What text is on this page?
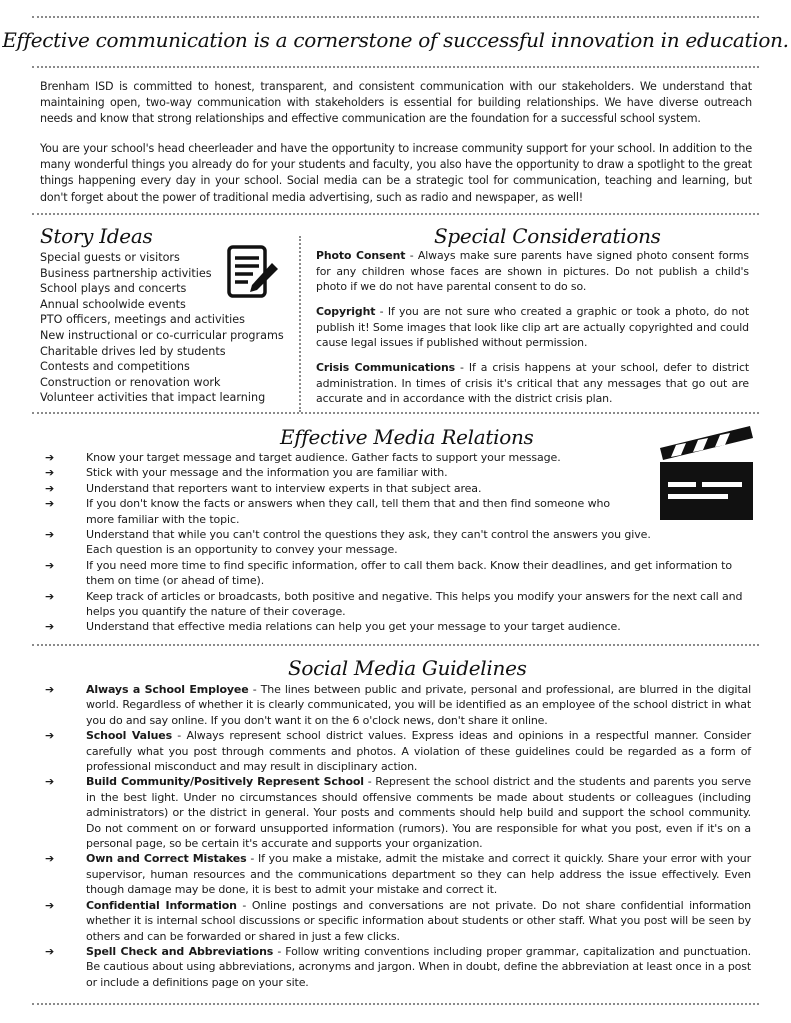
Effective communication is a cornerstone of successful innovation in education.

Brenham ISD is committed to honest, transparent, and consistent communication with our stakeholders. We understand that maintaining open, two-way communication with stakeholders is essential for building relationships. We have diverse outreach needs and know that strong relationships and effective communication are the foundation for a successful school system.

You are your school's head cheerleader and have the opportunity to increase community support for your school. In addition to the many wonderful things you already do for your students and faculty, you also have the opportunity to draw a spotlight to the great things happening every day in your school. Social media can be a strategic tool for communication, teaching and learning, but don't forget about the power of traditional media advertising, such as radio and newspaper, as well!

Story Ideas
Special guests or visitors
Business partnership activities
School plays and concerts
Annual schoolwide events
PTO officers, meetings and activities
New instructional or co-curricular programs
Charitable drives led by students
Contests and competitions
Construction or renovation work
Volunteer activities that impact learning
Special Considerations

Photo Consent - Always make sure parents have signed photo consent forms for any children whose faces are shown in pictures. Do not publish a child's photo if we do not have parental consent to do so.

Copyright - If you are not sure who created a graphic or took a photo, do not publish it! Some images that look like clip art are actually copyrighted and could cause legal issues if published without permission.

Crisis Communications - If a crisis happens at your school, defer to district administration. In times of crisis it's critical that any messages that go out are accurate and in accordance with the district crisis plan.

Effective Media Relations
➔	Know your target message and target audience. Gather facts to support your message.
➔	Stick with your message and the information you are familiar with.
➔	Understand that reporters want to interview experts in that subject area.
➔	If you don't know the facts or answers when they call, tell them that and then find someone who more familiar with the topic.
➔	Understand that while you can't control the questions they ask, they can't control the answers you give. Each question is an opportunity to convey your message.
➔	If you need more time to find specific information, offer to call them back. Know their deadlines, and get information to them on time (or ahead of time).
➔	Keep track of articles or broadcasts, both positive and negative. This helps you modify your answers for the next call and helps you quantify the nature of their coverage.
➔	Understand that effective media relations can help you get your message to your target audience.
Social Media Guidelines
➔	Always a School Employee - The lines between public and private, personal and professional, are blurred in the digital world. Regardless of whether it is clearly communicated, you will be identified as an employee of the school district in what you do and say online. If you don't want it on the 6 o'clock news, don't share it online.
➔	School Values - Always represent school district values. Express ideas and opinions in a respectful manner. Consider carefully what you post through comments and photos. A violation of these guidelines could be regarded as a form of professional misconduct and may result in disciplinary action.
➔	Build Community/Positively Represent School - Represent the school district and the students and parents you serve in the best light. Under no circumstances should offensive comments be made about students or colleagues (including administrators) or the district in general. Your posts and comments should help build and support the school community. Do not comment on or forward unsupported information (rumors). You are responsible for what you post, even if it's on a personal page, so be certain it's accurate and supports your organization.
➔	Own and Correct Mistakes - If you make a mistake, admit the mistake and correct it quickly. Share your error with your supervisor, human resources and the communications department so they can help address the issue effectively. Even though damage may be done, it is best to admit your mistake and correct it.
➔	Confidential Information - Online postings and conversations are not private. Do not share confidential information whether it is internal school discussions or specific information about students or other staff. What you post will be seen by others and can be forwarded or shared in just a few clicks.
➔	Spell Check and Abbreviations - Follow writing conventions including proper grammar, capitalization and punctuation. Be cautious about using abbreviations, acronyms and jargon. When in doubt, define the abbreviation at least once in a post or include a definitions page on your site.
